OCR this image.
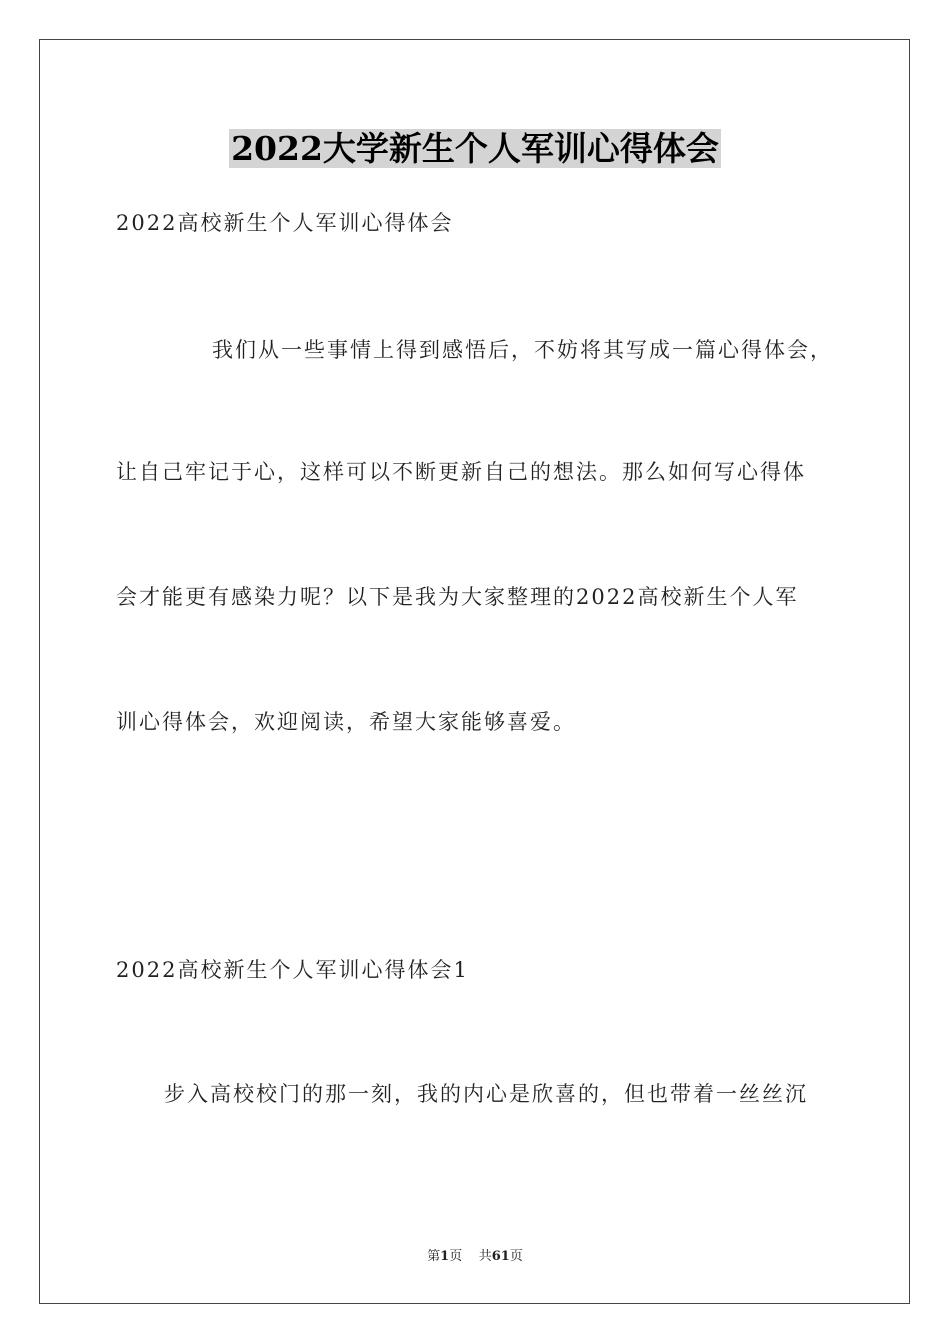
2022大学新生个人军训心得体会
2022高校新生个人军训心得体会
我们从一些事情上得到感悟后，不妨将其写成一篇心得体会，
让自己牢记于心，这样可以不断更新自己的想法。那么如何写心得体
会才能更有感染力呢？以下是我为大家整理的2022高校新生个人军
训心得体会，欢迎阅读，希望大家能够喜爱。
2022高校新生个人军训心得体会1
步入高校校门的那一刻，我的内心是欣喜的，但也带着一丝丝沉
第1页 共61页
